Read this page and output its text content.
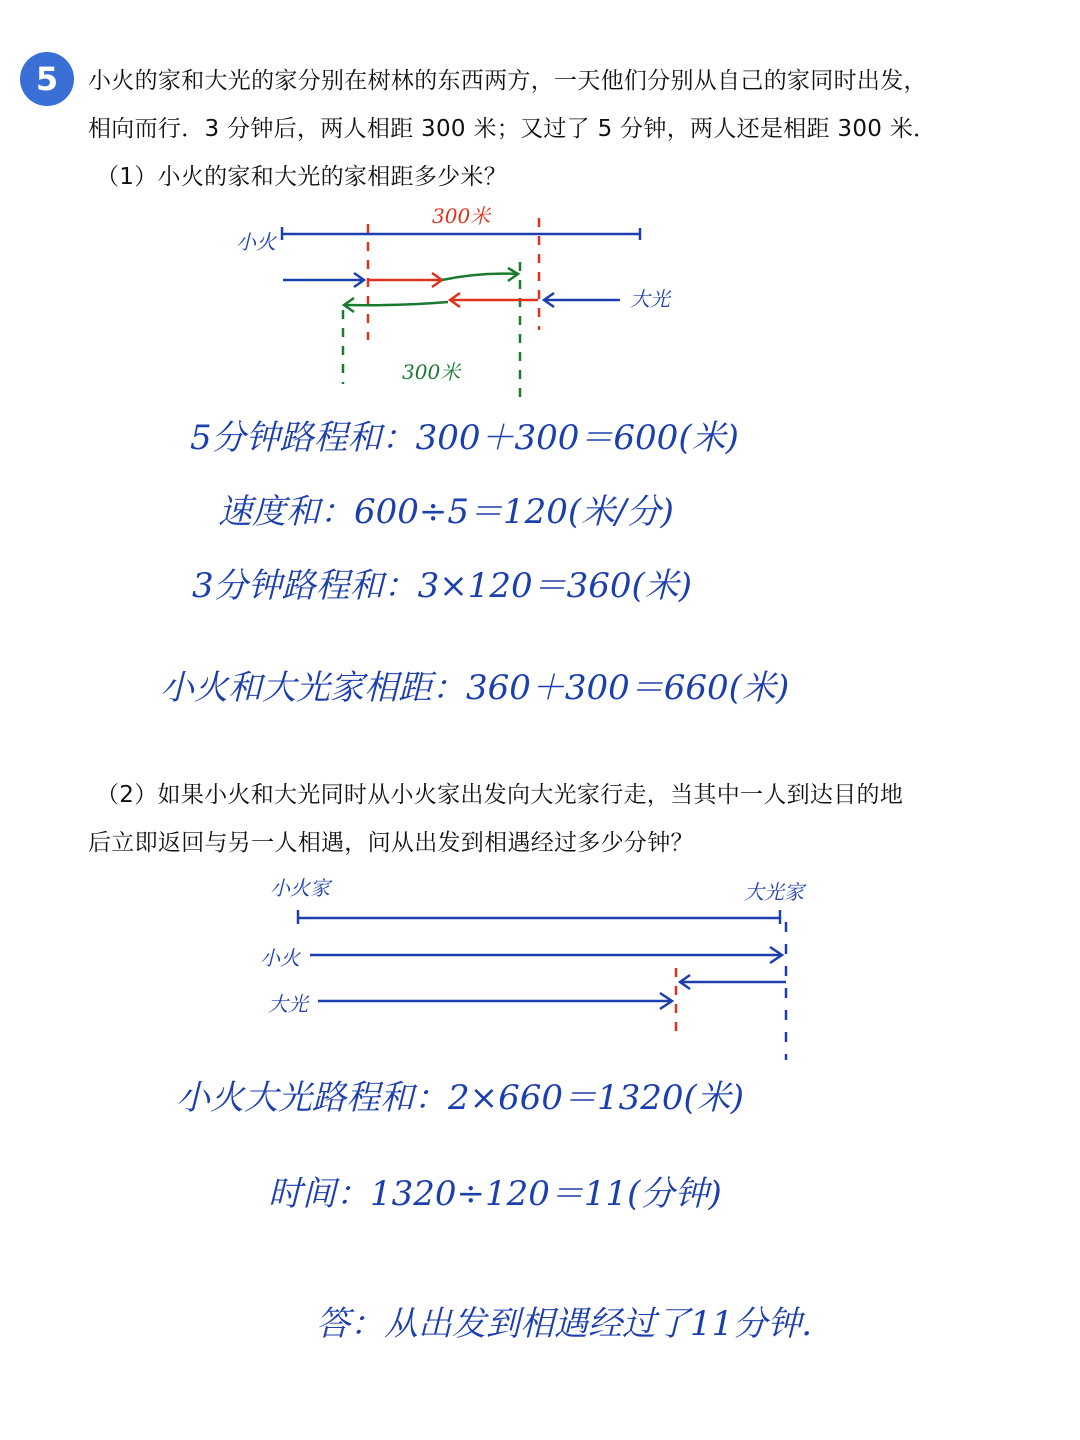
5	小火的家和大光的家分别在树林的东西两方，一天他们分别从自己的家同时出发，
相向而行．3 分钟后，两人相距 300 米；又过了 5 分钟，两人还是相距 300 米．
（1）小火的家和大光的家相距多少米？
300米
小火
大光
300米
5分钟路程和：300＋300＝600(米)
速度和：600÷5＝120(米/分)
3分钟路程和：3×120＝360(米)
小火和大光家相距：360＋300＝660(米)
（2）如果小火和大光同时从小火家出发向大光家行走，当其中一人到达目的地
后立即返回与另一人相遇，问从出发到相遇经过多少分钟？
小火家	大光家
小火
大光
小火大光路程和：2×660＝1320(米)
时间：1320÷120＝11(分钟)
答：从出发到相遇经过了11分钟.
